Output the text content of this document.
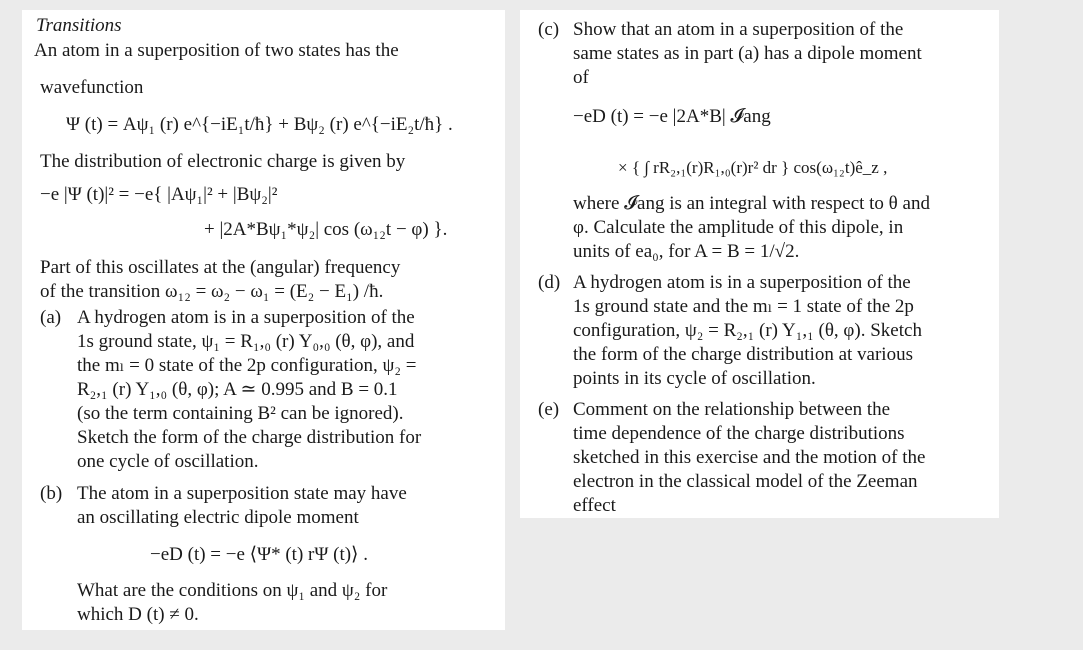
Transitions
An atom in a superposition of two states has the
wavefunction
Ψ (t) = Aψ₁ (r) e^{−iE₁t/ħ} + Bψ₂ (r) e^{−iE₂t/ħ} .
The distribution of electronic charge is given by
−e |Ψ (t)|² = −e{ |Aψ₁|² + |Bψ₂|²
+ |2A*Bψ₁*ψ₂| cos (ω₁₂t − φ) }.
Part of this oscillates at the (angular) frequency
of the transition ω₁₂ = ω₂ − ω₁ = (E₂ − E₁) /ħ.
(a) A hydrogen atom is in a superposition of the
1s ground state, ψ₁ = R₁,₀ (r) Y₀,₀ (θ, φ), and
the mₗ = 0 state of the 2p configuration, ψ₂ =
R₂,₁ (r) Y₁,₀ (θ, φ); A ≃ 0.995 and B = 0.1
(so the term containing B² can be ignored).
Sketch the form of the charge distribution for
one cycle of oscillation.
(b) The atom in a superposition state may have
an oscillating electric dipole moment
−eD (t) = −e ⟨Ψ* (t) rΨ (t)⟩ .
What are the conditions on ψ₁ and ψ₂ for
which D (t) ≠ 0.
(c) Show that an atom in a superposition of the
same states as in part (a) has a dipole moment
of
−eD (t) = −e |2A*B| 𝓘ang
× { ∫ rR₂,₁(r)R₁,₀(r)r² dr } cos(ω₁₂t)ê_z ,
where 𝓘ang is an integral with respect to θ and
φ. Calculate the amplitude of this dipole, in
units of ea₀, for A = B = 1/√2.
(d) A hydrogen atom is in a superposition of the
1s ground state and the mₗ = 1 state of the 2p
configuration, ψ₂ = R₂,₁ (r) Y₁,₁ (θ, φ). Sketch
the form of the charge distribution at various
points in its cycle of oscillation.
(e) Comment on the relationship between the
time dependence of the charge distributions
sketched in this exercise and the motion of the
electron in the classical model of the Zeeman
effect
